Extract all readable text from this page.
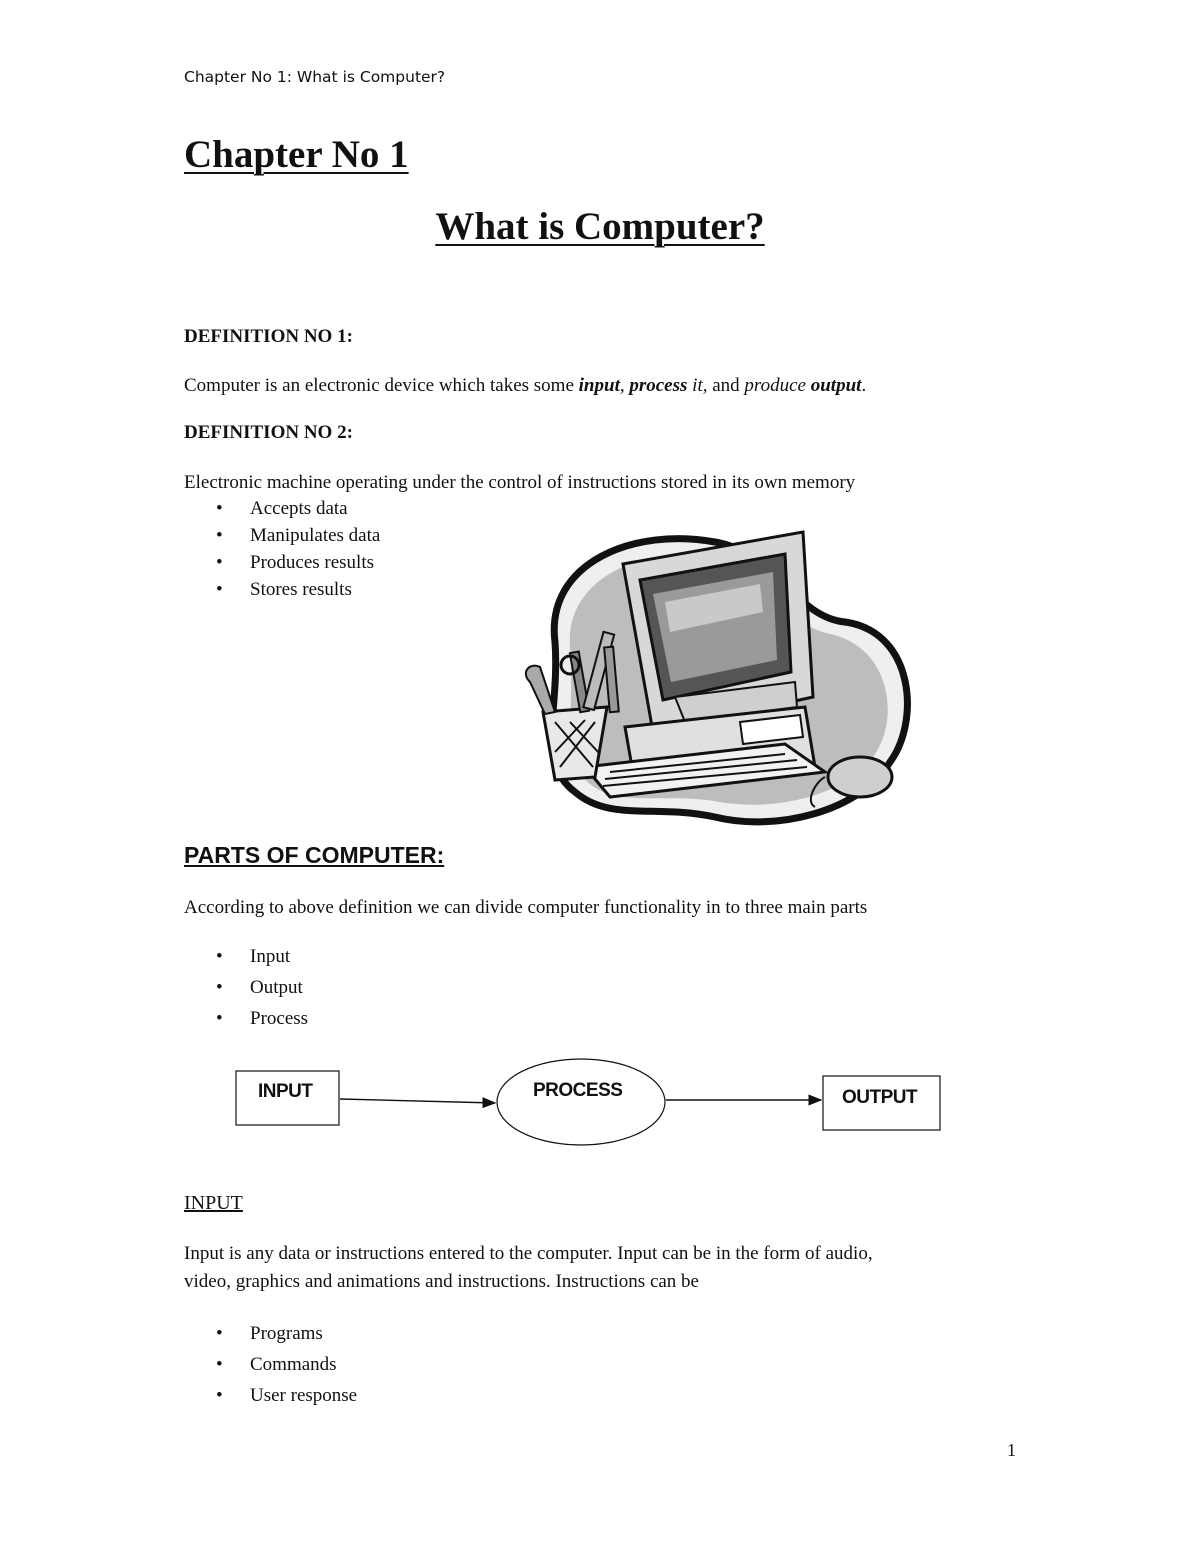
Chapter No 1: What is Computer?
Chapter No 1
What is Computer?
DEFINITION NO 1:
Computer is an electronic device which takes some input, process it, and produce output.
DEFINITION NO 2:
Electronic machine operating under the control of instructions stored in its own memory
• Accepts data
• Manipulates data
• Produces results
• Stores results
PARTS OF COMPUTER:
According to above definition we can divide computer functionality in to three main parts
• Input
• Output
• Process
INPUT	PROCESS	OUTPUT
INPUT
Input is any data or instructions entered to the computer. Input can be in the form of audio,
video, graphics and animations and instructions. Instructions can be
• Programs
• Commands
• User response
1
